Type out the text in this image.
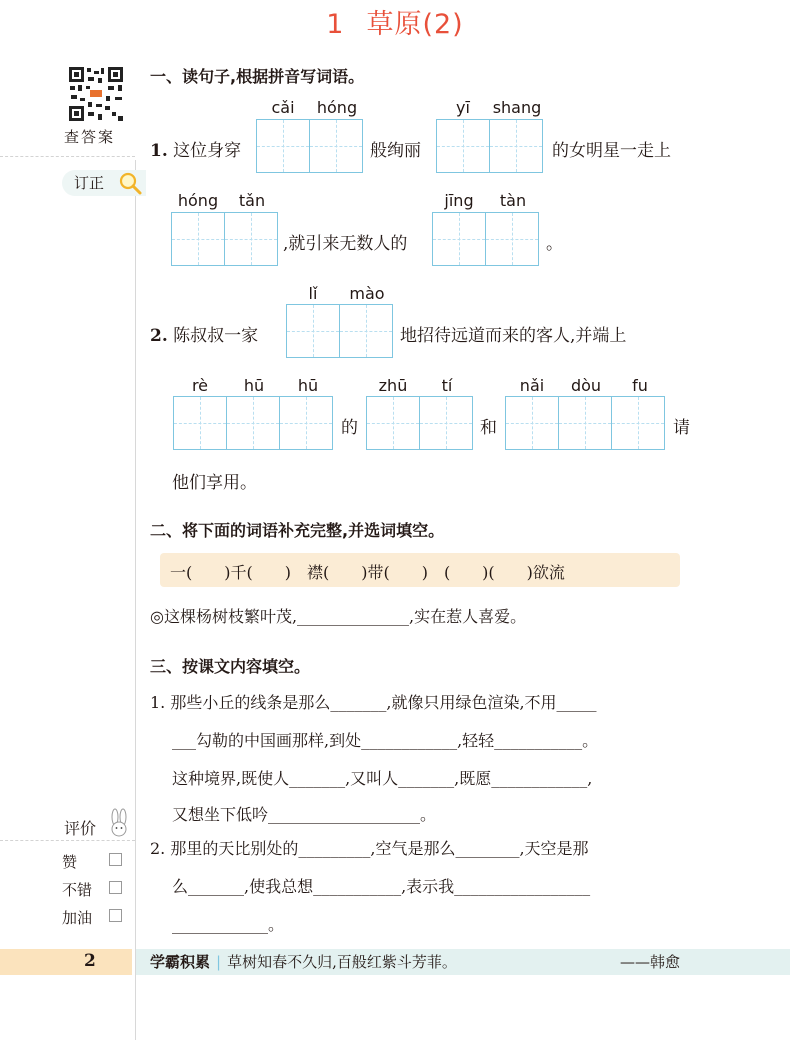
1 草原(2)
查答案
订正
一、读句子,根据拼音写词语。
cǎi	hóng	yī	shang
1. 这位身穿	般绚丽	的女明星一走上
hóng	tǎn	jīng	tàn
,就引来无数人的	。
lǐ	mào
2. 陈叔叔一家	地招待远道而来的客人,并端上
rè	hū	hū	zhū	tí	nǎi	dòu	fu
的	和	请
他们享用。
二、将下面的词语补充完整,并选词填空。
一(　　)千(　　)　襟(　　)带(　　)　(　　)(　　)欲流
◎这棵杨树枝繁叶茂,______________,实在惹人喜爱。
三、按课文内容填空。
1. 那些小丘的线条是那么_______,就像只用绿色渲染,不用_____
___勾勒的中国画那样,到处____________,轻轻___________。
这种境界,既使人_______,又叫人_______,既愿____________,
又想坐下低吟___________________。
2. 那里的天比别处的_________,空气是那么________,天空是那
么_______,使我总想___________,表示我_________________
____________。
评价
赞
不错
加油
2	学霸积累 | 草树知春不久归,百般红紫斗芳菲。	——韩愈
